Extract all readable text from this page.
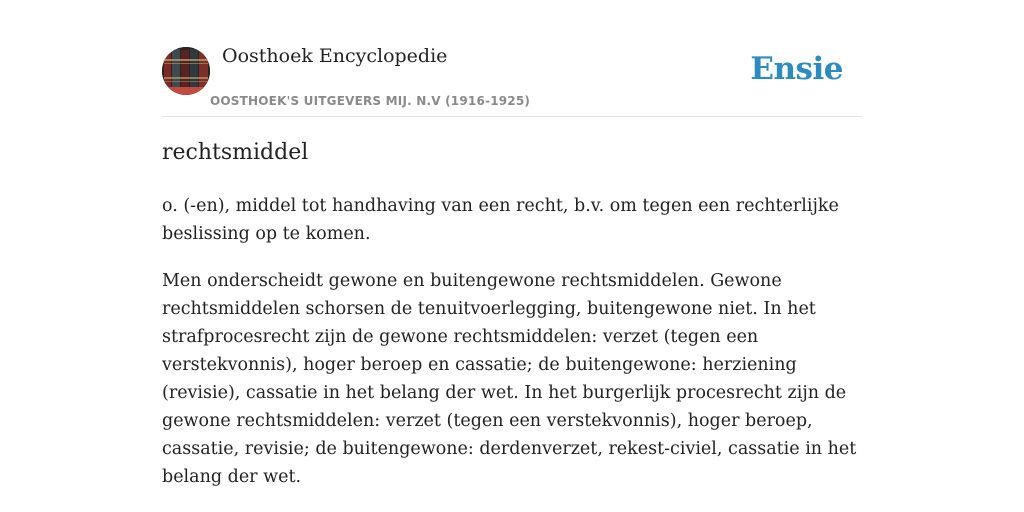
Oosthoek Encyclopedie
OOSTHOEK'S UITGEVERS MIJ. N.V (1916-1925)
Ensie
rechtsmiddel

o. (-en), middel tot handhaving van een recht, b.v. om tegen een rechterlijke beslissing op te komen.

Men onderscheidt gewone en buitengewone rechtsmiddelen. Gewone rechtsmiddelen schorsen de tenuitvoerlegging, buitengewone niet. In het strafprocesrecht zijn de gewone rechtsmiddelen: verzet (tegen een verstekvonnis), hoger beroep en cassatie; de buitengewone: herziening (revisie), cassatie in het belang der wet. In het burgerlijk procesrecht zijn de gewone rechtsmiddelen: verzet (tegen een verstekvonnis), hoger beroep, cassatie, revisie; de buitengewone: derdenverzet, rekest-civiel, cassatie in het belang der wet.
